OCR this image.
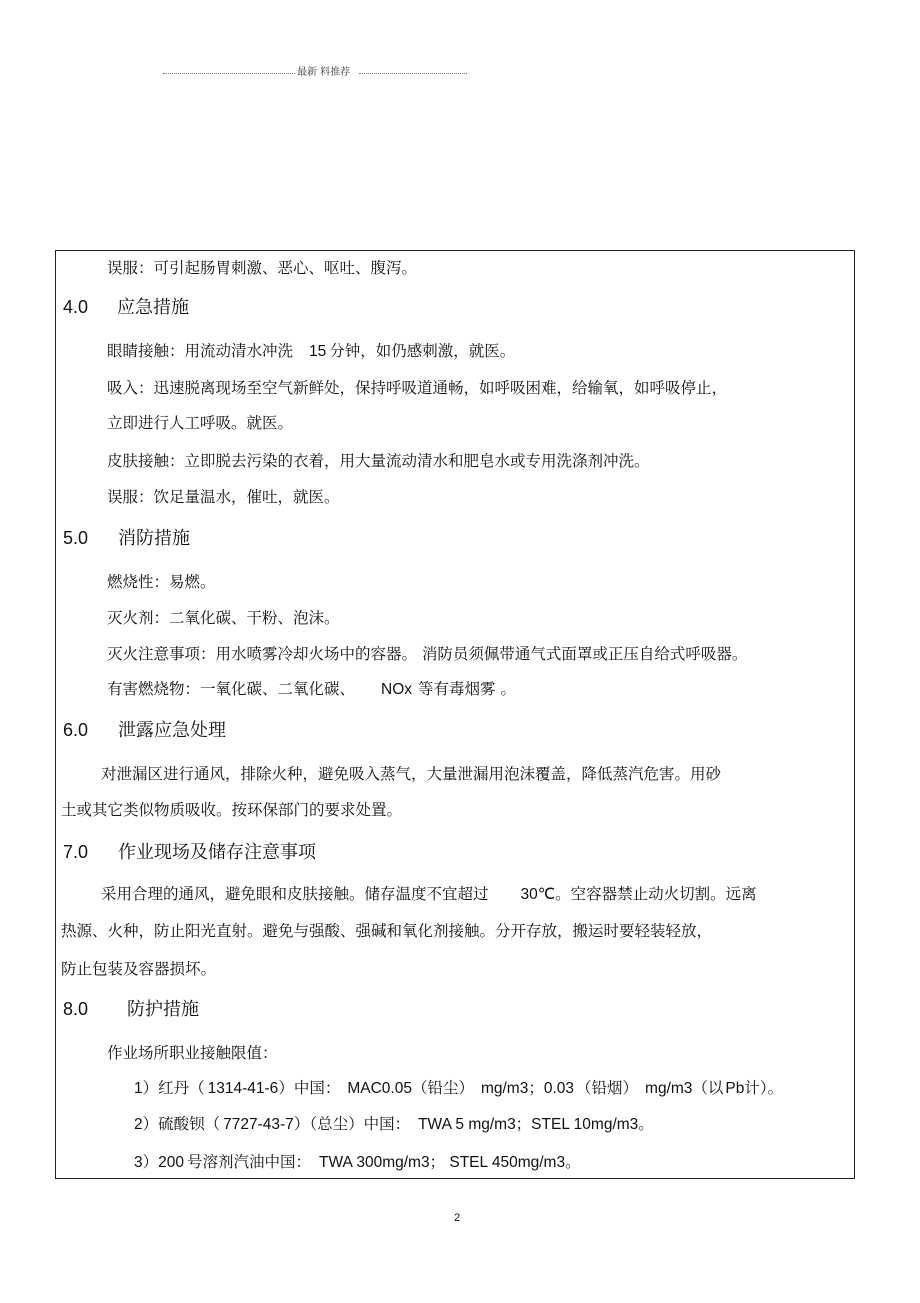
最新 料推荐
误服：可引起肠胃刺激、恶心、呕吐、腹泻。
4.0 应急措施
眼睛接触：用流动清水冲洗 15 分钟，如仍感刺激，就医。
吸入：迅速脱离现场至空气新鲜处，保持呼吸道通畅，如呼吸困难，给输氧，如呼吸停止，
立即进行人工呼吸。就医。
皮肤接触：立即脱去污染的衣着，用大量流动清水和肥皂水或专用洗涤剂冲洗。
误服：饮足量温水，催吐，就医。
5.0 消防措施
燃烧性：易燃。
灭火剂：二氧化碳、干粉、泡沫。
灭火注意事项：用水喷雾冷却火场中的容器。 消防员须佩带通气式面罩或正压自给式呼吸器。
有害燃烧物：一氧化碳、二氧化碳、 NOx 等有毒烟雾 。
6.0 泄露应急处理
对泄漏区进行通风，排除火种，避免吸入蒸气，大量泄漏用泡沫覆盖，降低蒸汽危害。用砂
土或其它类似物质吸收。按环保部门的要求处置。
7.0 作业现场及储存注意事项
采用合理的通风，避免眼和皮肤接触。储存温度不宜超过 30℃。空容器禁止动火切割。远离
热源、火种，防止阳光直射。避免与强酸、强碱和氧化剂接触。分开存放，搬运时要轻装轻放，
防止包装及容器损坏。
8.0 防护措施
作业场所职业接触限值：
1）红丹（ 1314-41-6）中国： MAC0.05（铅尘） mg/m3；0.03 （铅烟） mg/m3（以 Pb计）。
2）硫酸钡（ 7727-43-7）（总尘）中国： TWA 5 mg/m3；STEL 10mg/m3。
3）200 号溶剂汽油中国： TWA 300mg/m3； STEL 450mg/m3。
2
